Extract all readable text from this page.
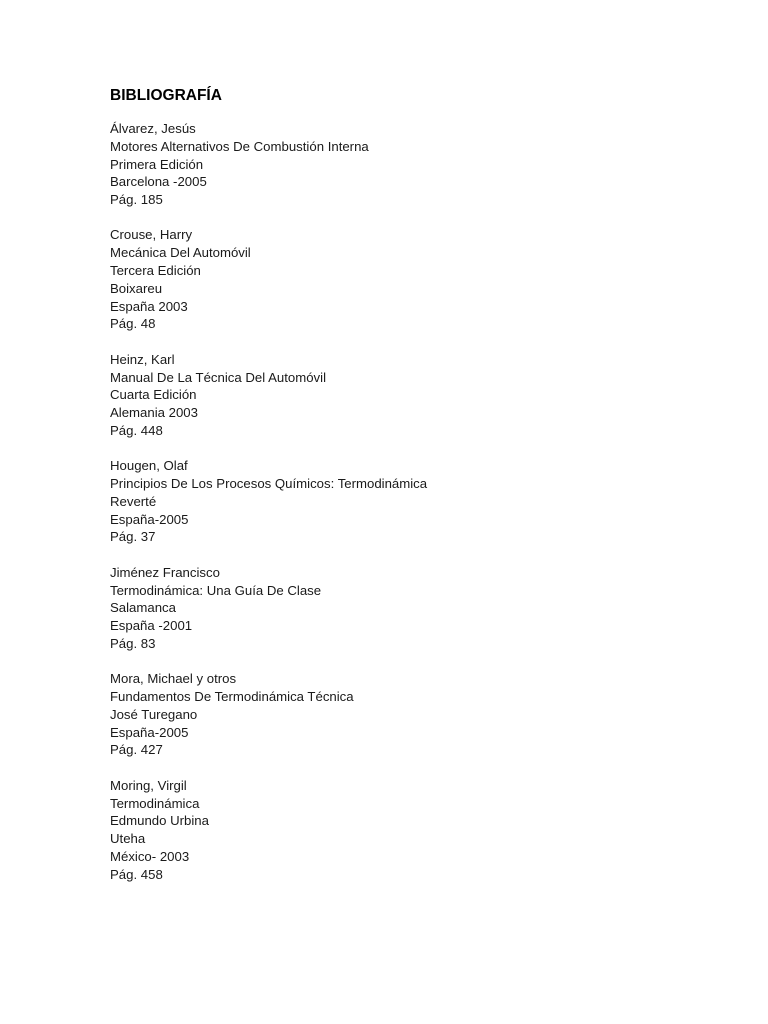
BIBLIOGRAFÍA
Álvarez, Jesús
Motores Alternativos De Combustión Interna
Primera Edición
Barcelona -2005
Pág. 185
Crouse, Harry
Mecánica Del Automóvil
Tercera Edición
Boixareu
España 2003
Pág. 48
Heinz, Karl
Manual De La Técnica Del Automóvil
Cuarta Edición
Alemania 2003
Pág. 448
Hougen, Olaf
Principios De Los Procesos Químicos: Termodinámica
Reverté
España-2005
Pág. 37
Jiménez Francisco
Termodinámica: Una Guía De Clase
Salamanca
España -2001
Pág. 83
Mora, Michael y otros
Fundamentos De Termodinámica Técnica
José Turegano
España-2005
Pág. 427
Moring, Virgil
Termodinámica
Edmundo Urbina
Uteha
México- 2003
Pág. 458
